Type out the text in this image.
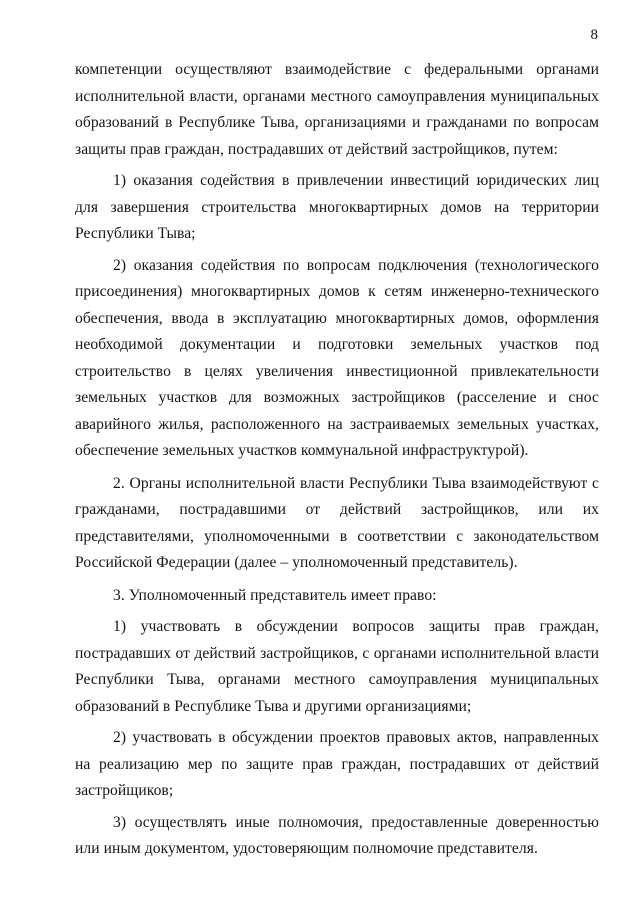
8

компетенции осуществляют взаимодействие с федеральными органами исполнительной власти, органами местного самоуправления муниципальных образований в Республике Тыва, организациями и гражданами по вопросам защиты прав граждан, пострадавших от действий застройщиков, путем:

1) оказания содействия в привлечении инвестиций юридических лиц для завершения строительства многоквартирных домов на территории Республики Тыва;

2) оказания содействия по вопросам подключения (технологического присоединения) многоквартирных домов к сетям инженерно-технического обеспечения, ввода в эксплуатацию многоквартирных домов, оформления необходимой документации и подготовки земельных участков под строительство в целях увеличения инвестиционной привлекательности земельных участков для возможных застройщиков (расселение и снос аварийного жилья, расположенного на застраиваемых земельных участках, обеспечение земельных участков коммунальной инфраструктурой).

2. Органы исполнительной власти Республики Тыва взаимодействуют с гражданами, пострадавшими от действий застройщиков, или их представителями, уполномоченными в соответствии с законодательством Российской Федерации (далее – уполномоченный представитель).

3. Уполномоченный представитель имеет право:

1) участвовать в обсуждении вопросов защиты прав граждан, пострадавших от действий застройщиков, с органами исполнительной власти Республики Тыва, органами местного самоуправления муниципальных образований в Республике Тыва и другими организациями;

2) участвовать в обсуждении проектов правовых актов, направленных на реализацию мер по защите прав граждан, пострадавших от действий застройщиков;

3) осуществлять иные полномочия, предоставленные доверенностью или иным документом, удостоверяющим полномочие представителя.
